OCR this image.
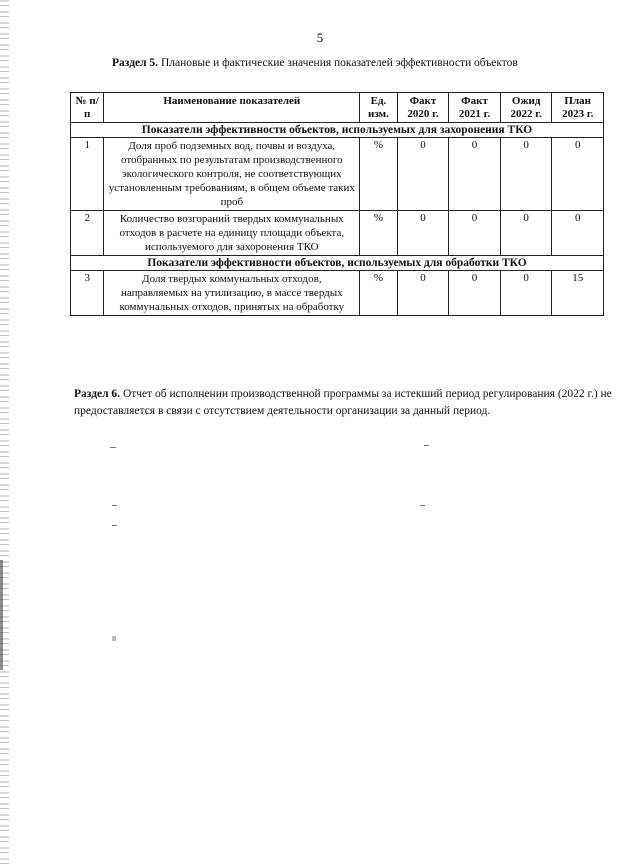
5
Раздел 5. Плановые и фактические значения показателей эффективности объектов
№ п/п	Наименование показателей	Ед. изм.	Факт 2020 г.	Факт 2021 г.	Ожид 2022 г.	План 2023 г.
Показатели эффективности объектов, используемых для захоронения ТКО						
1	Доля проб подземных вод, почвы и воздуха, отобранных по результатам производственного экологического контроля, не соответствующих установленным требованиям, в общем объеме таких проб	%	0	0	0	0
2	Количество возгораний твердых коммунальных отходов в расчете на единицу площади объекта, используемого для захоронения ТКО	%	0	0	0	0
Показатели эффективности объектов, используемых для обработки ТКО						
3	Доля твердых коммунальных отходов, направляемых на утилизацию, в массе твердых коммунальных отходов, принятых на обработку	%	0	0	0	15
Раздел 6. Отчет об исполнении производственной программы за истекший период регулирования (2022 г.) не предоставляется в связи с отсутствием деятельности организации за данный период.
